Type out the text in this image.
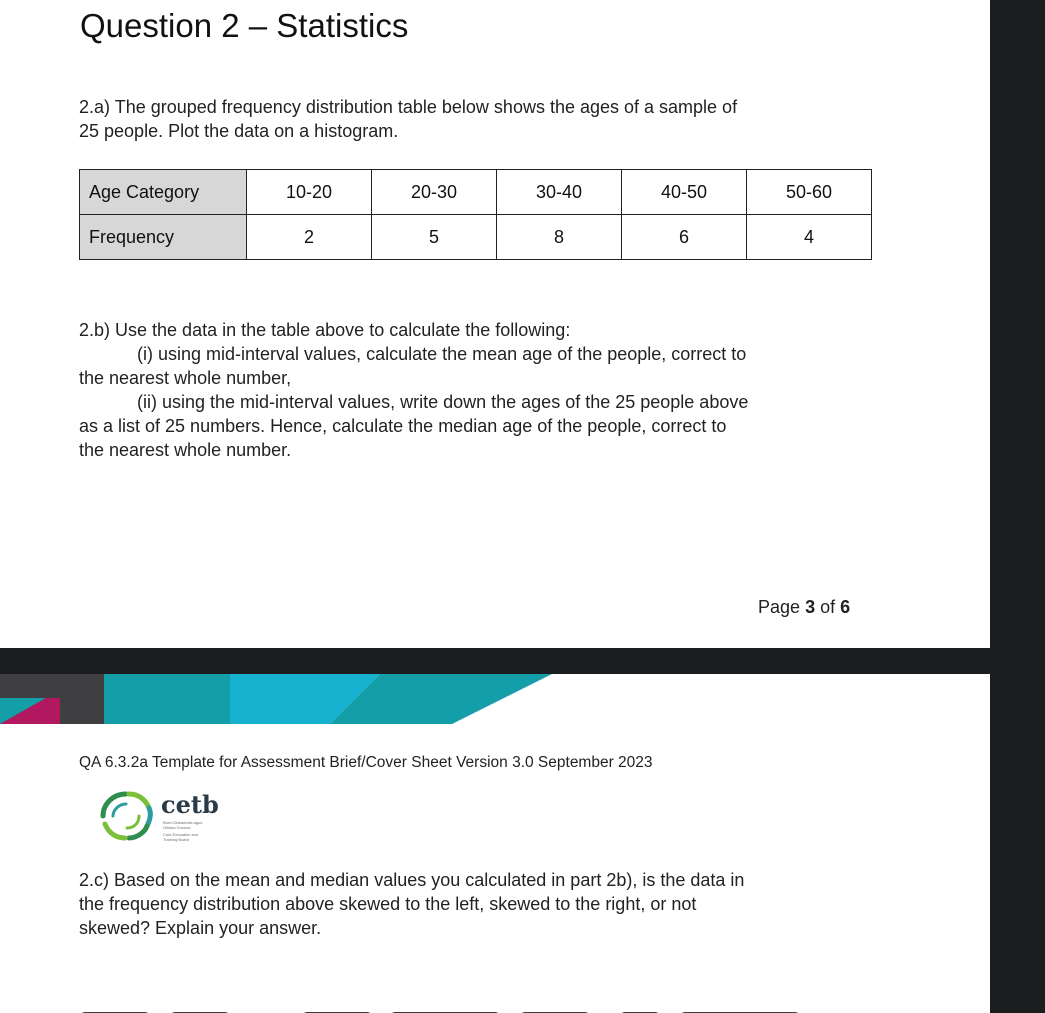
Question 2 – Statistics

2.a) The grouped frequency distribution table below shows the ages of a sample of
25 people. Plot the data on a histogram.

Age Category	10-20	20-30	30-40	40-50	50-60
Frequency	2	5	8	6	4

2.b) Use the data in the table above to calculate the following:
(i) using mid-interval values, calculate the mean age of the people, correct to
the nearest whole number,
(ii) using the mid-interval values, write down the ages of the 25 people above
as a list of 25 numbers. Hence, calculate the median age of the people, correct to
the nearest whole number.

Page 3 of 6
QA 6.3.2a Template for Assessment Brief/Cover Sheet Version 3.0 September 2023
cetb
Bord Oideachais agus
Oiliúna Chorcaí
Cork Education and
Training Board

2.c) Based on the mean and median values you calculated in part 2b), is the data in
the frequency distribution above skewed to the left, skewed to the right, or not
skewed? Explain your answer.
